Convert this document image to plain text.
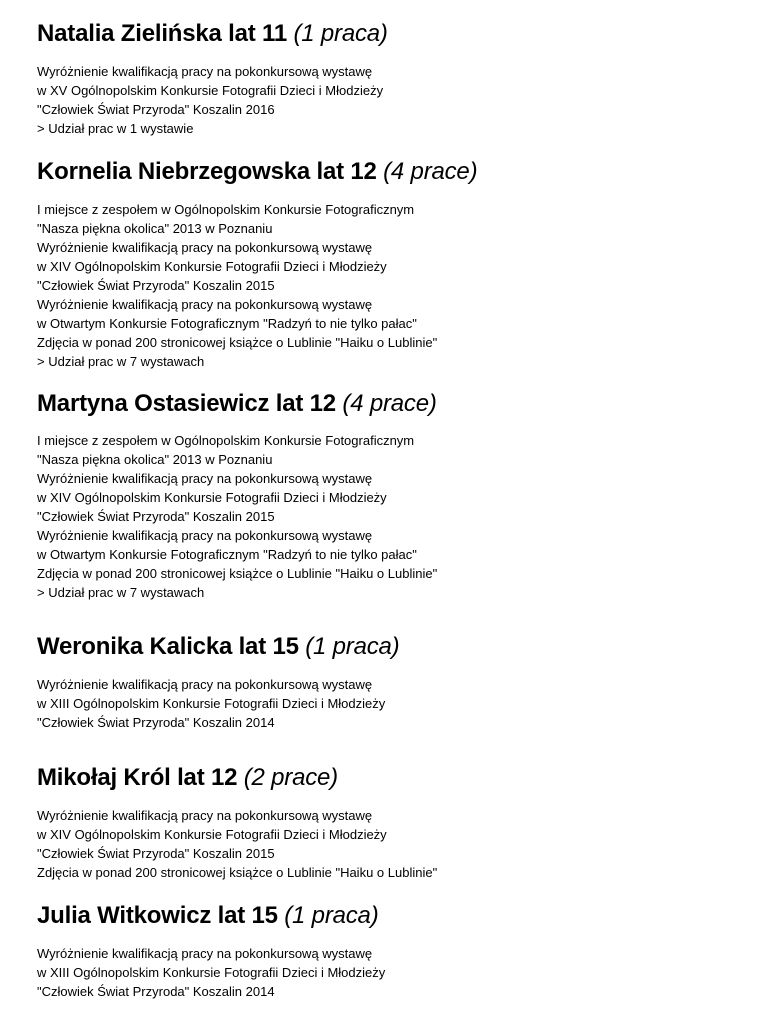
Natalia Zielińska lat 11 (1 praca)
Wyróżnienie kwalifikacją pracy na pokonkursową wystawę
w XV Ogólnopolskim Konkursie Fotografii Dzieci i Młodzieży
"Człowiek Świat Przyroda" Koszalin 2016
> Udział prac w 1 wystawie
Kornelia Niebrzegowska lat 12 (4 prace)
I miejsce z zespołem w Ogólnopolskim Konkursie Fotograficznym
"Nasza piękna okolica" 2013 w Poznaniu
Wyróżnienie kwalifikacją pracy na pokonkursową wystawę
w XIV Ogólnopolskim Konkursie Fotografii Dzieci i Młodzieży
"Człowiek Świat Przyroda" Koszalin 2015
Wyróżnienie kwalifikacją pracy na pokonkursową wystawę
w Otwartym Konkursie Fotograficznym "Radzyń to nie tylko pałac"
Zdjęcia w ponad 200 stronicowej książce o Lublinie "Haiku o Lublinie"
> Udział prac w 7 wystawach
Martyna Ostasiewicz lat 12 (4 prace)
I miejsce z zespołem w Ogólnopolskim Konkursie Fotograficznym
"Nasza piękna okolica" 2013 w Poznaniu
Wyróżnienie kwalifikacją pracy na pokonkursową wystawę
w XIV Ogólnopolskim Konkursie Fotografii Dzieci i Młodzieży
"Człowiek Świat Przyroda" Koszalin 2015
Wyróżnienie kwalifikacją pracy na pokonkursową wystawę
w Otwartym Konkursie Fotograficznym "Radzyń to nie tylko pałac"
Zdjęcia w ponad 200 stronicowej książce o Lublinie "Haiku o Lublinie"
> Udział prac w 7 wystawach
Weronika Kalicka lat 15 (1 praca)
Wyróżnienie kwalifikacją pracy na pokonkursową wystawę
w XIII Ogólnopolskim Konkursie Fotografii Dzieci i Młodzieży
"Człowiek Świat Przyroda" Koszalin 2014
Mikołaj Król lat 12 (2 prace)
Wyróżnienie kwalifikacją pracy na pokonkursową wystawę
w XIV Ogólnopolskim Konkursie Fotografii Dzieci i Młodzieży
"Człowiek Świat Przyroda" Koszalin 2015
Zdjęcia w ponad 200 stronicowej książce o Lublinie "Haiku o Lublinie"
Julia Witkowicz lat 15 (1 praca)
Wyróżnienie kwalifikacją pracy na pokonkursową wystawę
w XIII Ogólnopolskim Konkursie Fotografii Dzieci i Młodzieży
"Człowiek Świat Przyroda" Koszalin 2014
